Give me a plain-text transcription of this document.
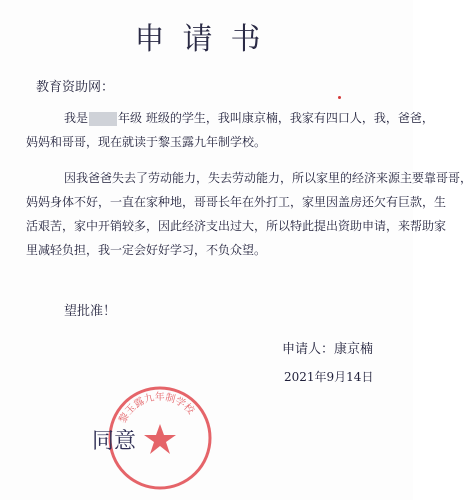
申请书
教育资助网：
我是	年级 班级的学生，我叫康京楠，我家有四口人，我，爸爸，
妈妈和哥哥，现在就读于黎玉露九年制学校。
因我爸爸失去了劳动能力，失去劳动能力，所以家里的经济来源主要靠哥哥，
妈妈身体不好，一直在家种地，哥哥长年在外打工，家里因盖房还欠有巨款，生
活艰苦，家中开销较多，因此经济支出过大，所以特此提出资助申请，来帮助家
里减轻负担，我一定会好好学习，不负众望。
望批准！
申请人：康京楠
2021年9月14日
黎玉露九年制学校
同意
